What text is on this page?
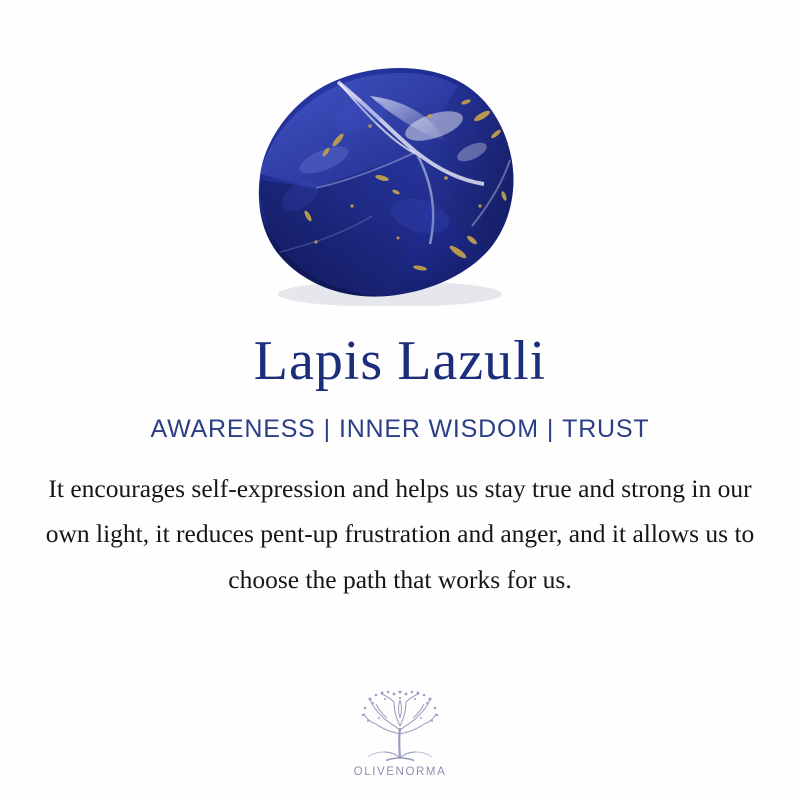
Lapis Lazuli
AWARENESS | INNER WISDOM | TRUST
It encourages self-expression and helps us stay true and strong in our own light, it reduces pent-up frustration and anger, and it allows us to choose the path that works for us.
OLIVENORMA
